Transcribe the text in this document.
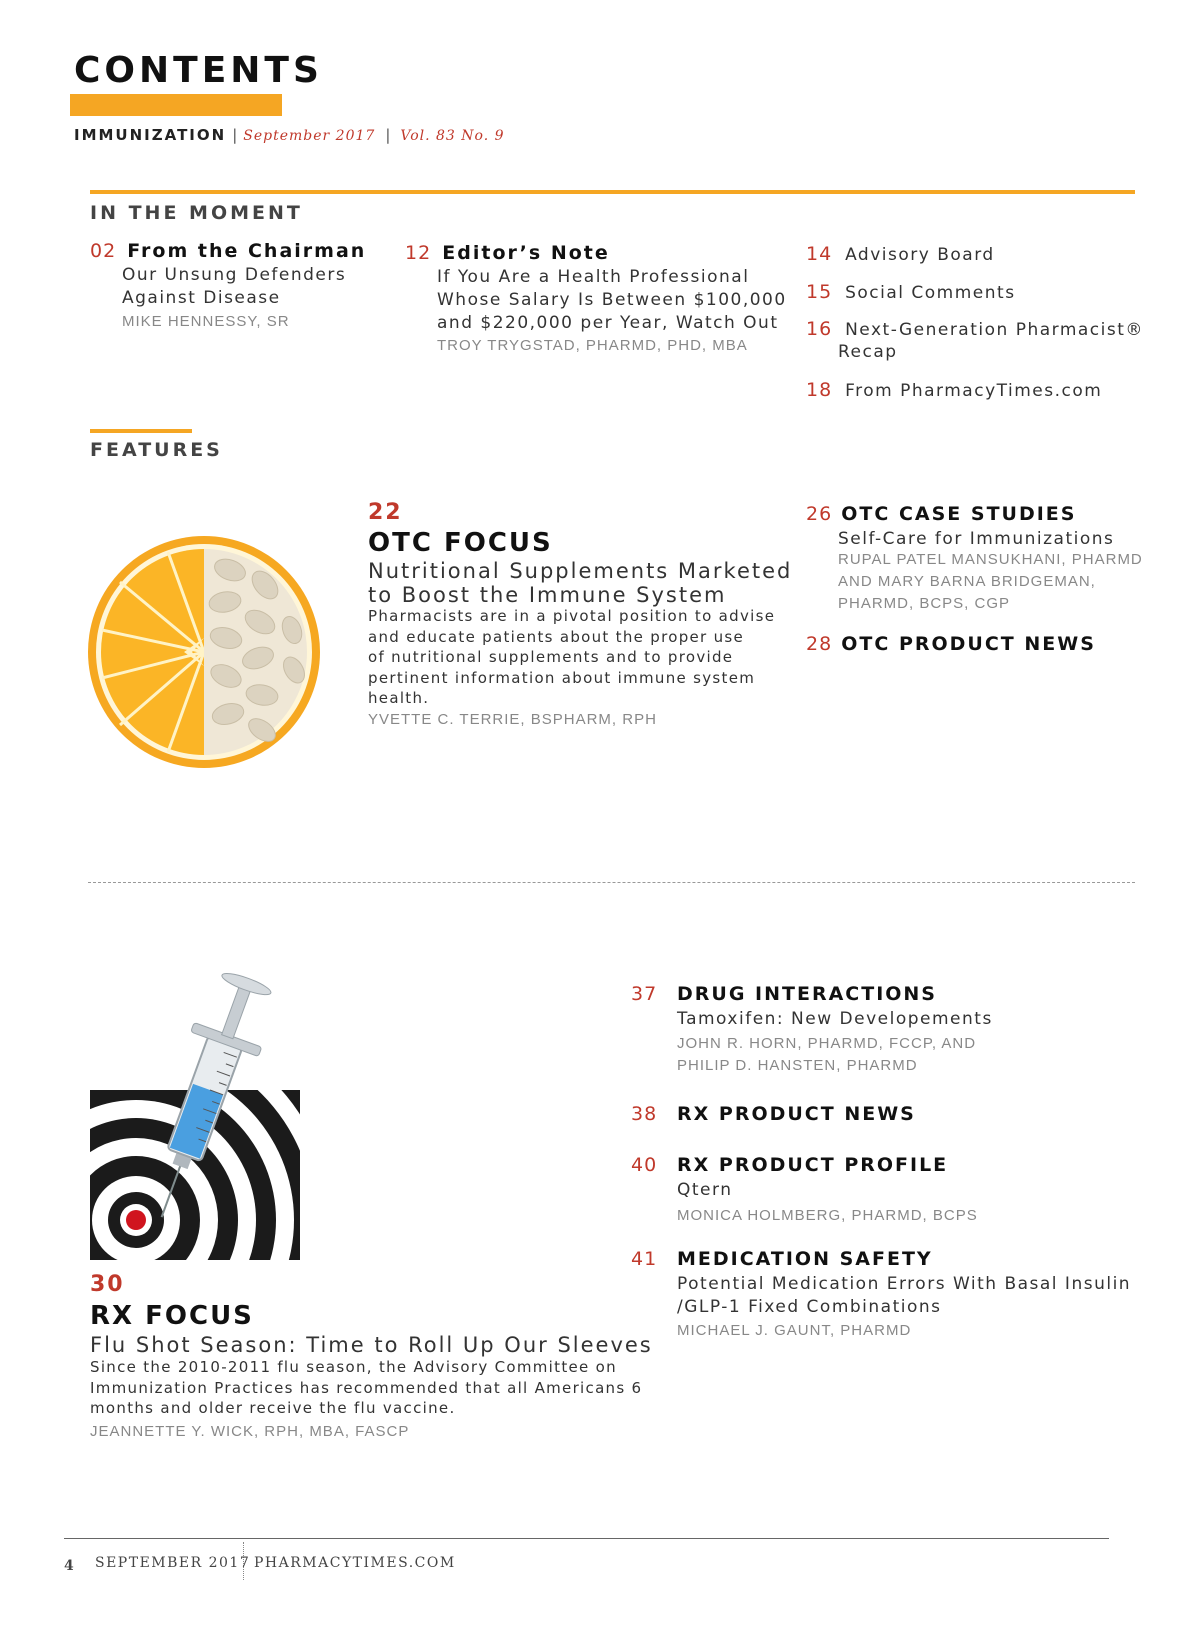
CONTENTS
IMMUNIZATION | September 2017 | Vol. 83 No. 9
IN THE MOMENT
02 From the Chairman
Our Unsung Defenders
Against Disease
MIKE HENNESSY, SR
12 Editor’s Note
If You Are a Health Professional
Whose Salary Is Between $100,000
and $220,000 per Year, Watch Out
TROY TRYGSTAD, PHARMD, PHD, MBA
14 Advisory Board
15 Social Comments
16 Next-Generation Pharmacist®
Recap
18 From PharmacyTimes.com
FEATURES
22
OTC FOCUS
Nutritional Supplements Marketed
to Boost the Immune System
Pharmacists are in a pivotal position to advise
and educate patients about the proper use
of nutritional supplements and to provide
pertinent information about immune system
health.
YVETTE C. TERRIE, BSPHARM, RPH
26 OTC CASE STUDIES
Self-Care for Immunizations
RUPAL PATEL MANSUKHANI, PHARMD
AND MARY BARNA BRIDGEMAN,
PHARMD, BCPS, CGP
28 OTC PRODUCT NEWS
30
RX FOCUS
Flu Shot Season: Time to Roll Up Our Sleeves
Since the 2010-2011 flu season, the Advisory Committee on
Immunization Practices has recommended that all Americans 6
months and older receive the flu vaccine.
JEANNETTE Y. WICK, RPH, MBA, FASCP
37 DRUG INTERACTIONS
Tamoxifen: New Developements
JOHN R. HORN, PHARMD, FCCP, AND
PHILIP D. HANSTEN, PHARMD
38 RX PRODUCT NEWS
40 RX PRODUCT PROFILE
Qtern
MONICA HOLMBERG, PHARMD, BCPS
41 MEDICATION SAFETY
Potential Medication Errors With Basal Insulin
/GLP-1 Fixed Combinations
MICHAEL J. GAUNT, PHARMD
4 SEPTEMBER 2017 PHARMACYTIMES.COM
